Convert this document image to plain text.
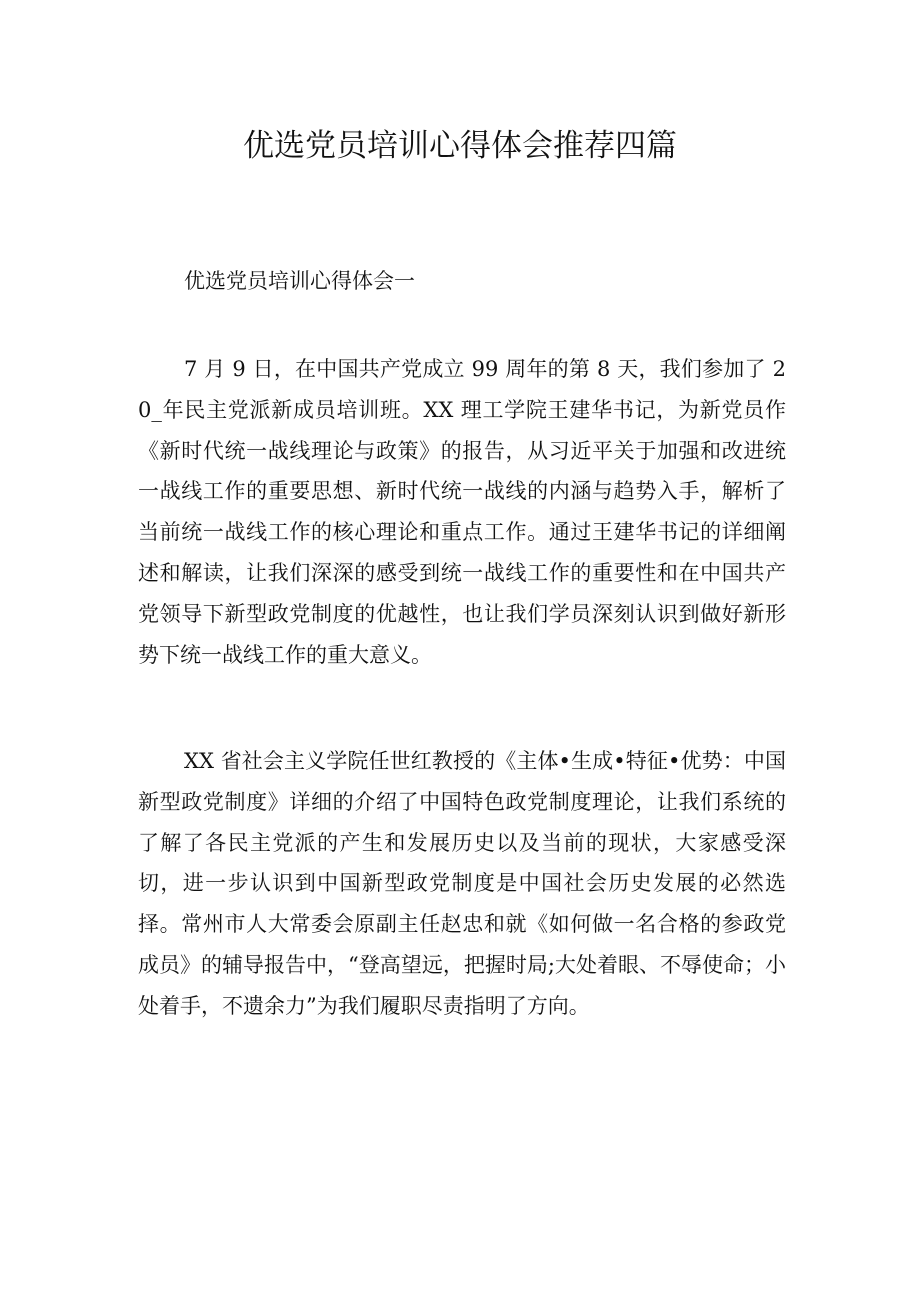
优选党员培训心得体会推荐四篇

优选党员培训心得体会一

7 月 9 日，在中国共产党成立 99 周年的第 8 天，我们参加了 20_年民主党派新成员培训班。XX 理工学院王建华书记，为新党员作《新时代统一战线理论与政策》的报告，从习近平关于加强和改进统一战线工作的重要思想、新时代统一战线的内涵与趋势入手，解析了当前统一战线工作的核心理论和重点工作。通过王建华书记的详细阐述和解读，让我们深深的感受到统一战线工作的重要性和在中国共产党领导下新型政党制度的优越性，也让我们学员深刻认识到做好新形势下统一战线工作的重大意义。

XX 省社会主义学院任世红教授的《主体•生成•特征•优势：中国新型政党制度》详细的介绍了中国特色政党制度理论，让我们系统的了解了各民主党派的产生和发展历史以及当前的现状，大家感受深切，进一步认识到中国新型政党制度是中国社会历史发展的必然选择。常州市人大常委会原副主任赵忠和就《如何做一名合格的参政党成员》的辅导报告中，“登高望远，把握时局;大处着眼、不辱使命；小处着手，不遗余力”为我们履职尽责指明了方向。
